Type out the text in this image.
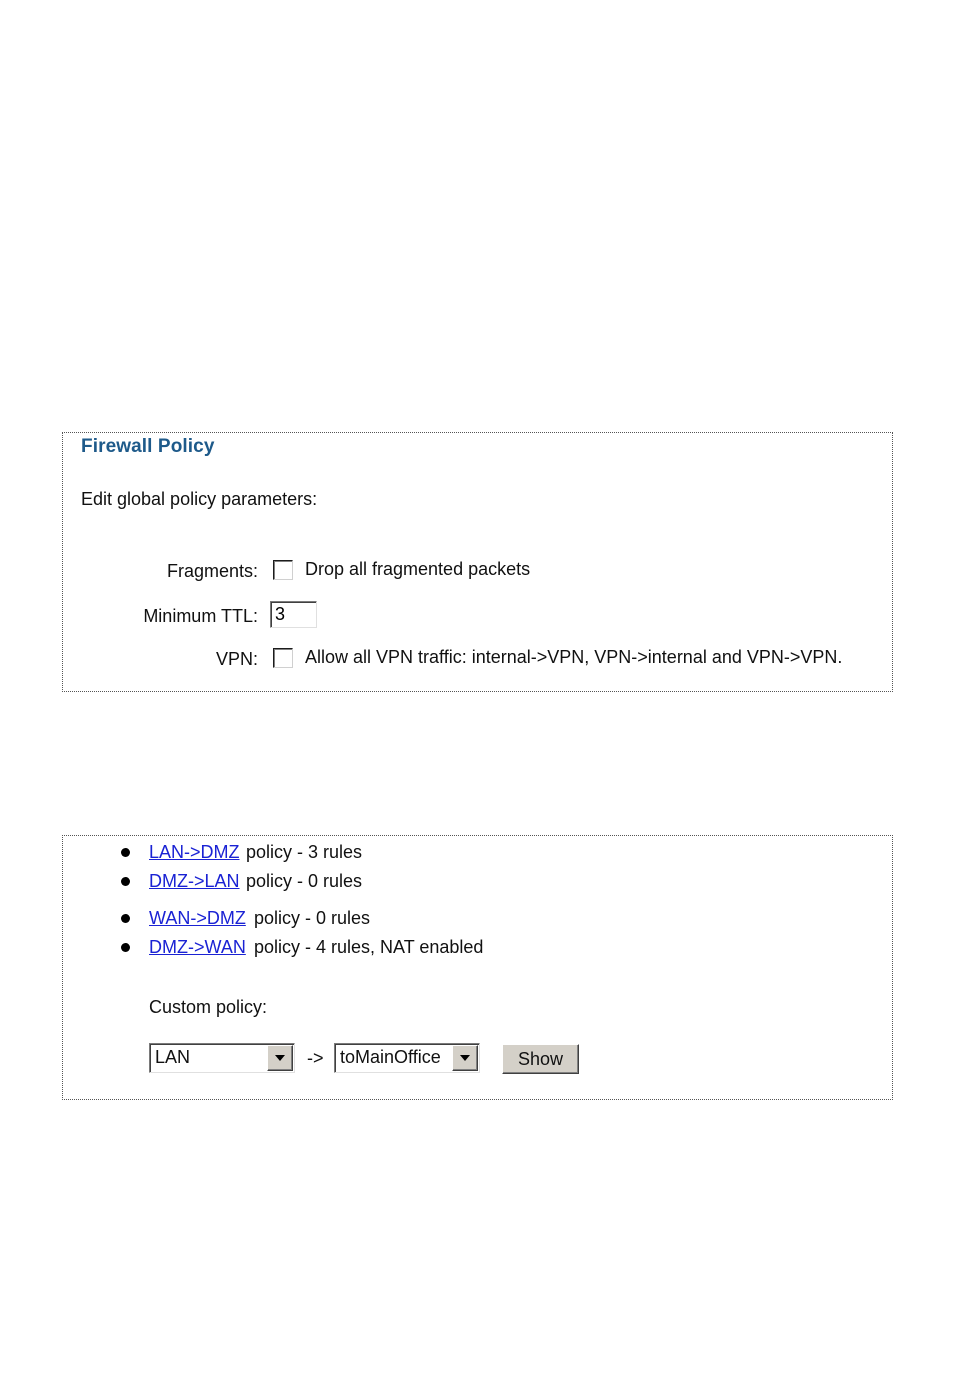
Firewall Policy
Edit global policy parameters:
Fragments:	Drop all fragmented packets
Minimum TTL:
3
VPN:	Allow all VPN traffic: internal->VPN, VPN->internal and VPN->VPN.
LAN->DMZ policy - 3 rules
DMZ->LAN policy - 0 rules
WAN->DMZ policy - 0 rules
DMZ->WAN policy - 4 rules, NAT enabled
Custom policy:
LAN	-> toMainOffice	Show
